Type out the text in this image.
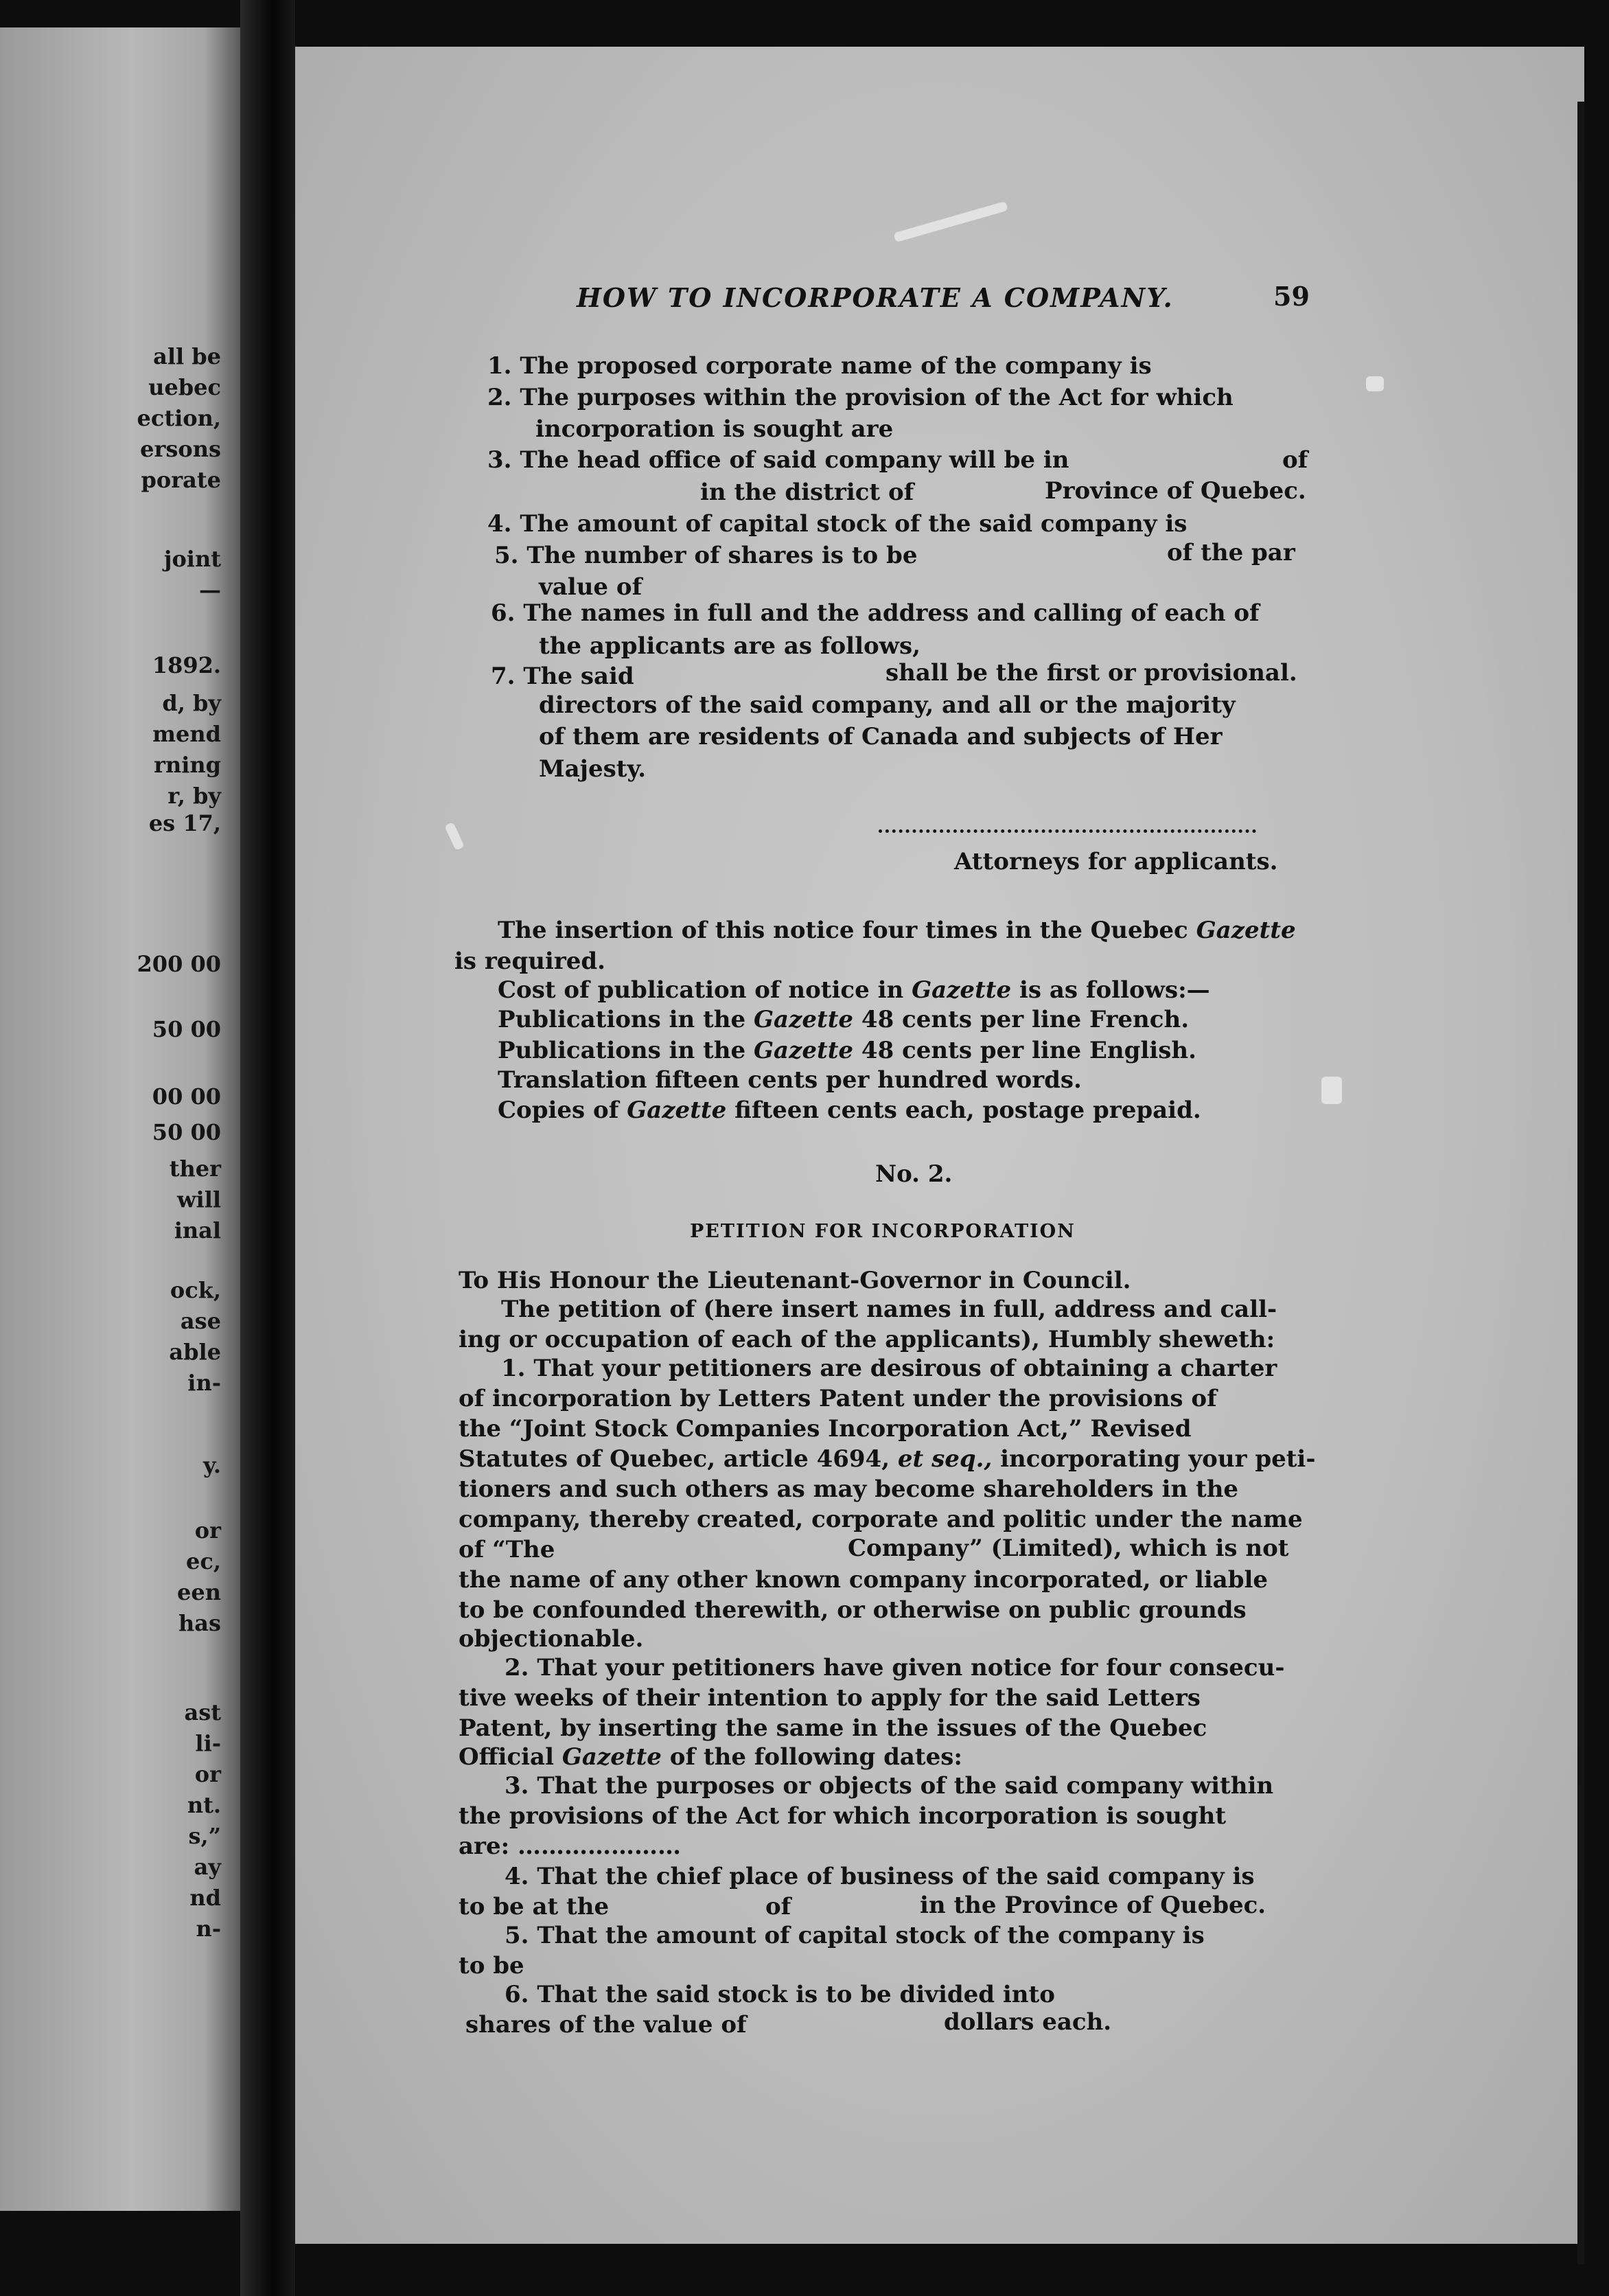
all be
uebec
ection,
ersons
porate
joint
—
1892.
d, by
mend
rning
r, by
es 17,
200 00
50 00
00 00
50 00
ther
will
inal
ock,
ase
able
in-
y.
or
ec,
een
has
ast
li-
or
nt.
s,”
ay
nd
n-
HOW TO INCORPORATE A COMPANY.	59
1. The proposed corporate name of the company is
2. The purposes within the provision of the Act for which
incorporation is sought are
3. The head office of said company will be in	of
in the district of	Province of Quebec.
4. The amount of capital stock of the said company is
5. The number of shares is to be	of the par
value of
6. The names in full and the address and calling of each of
the applicants are as follows,
7. The said	shall be the first or provisional.
directors of the said company, and all or the majority
of them are residents of Canada and subjects of Her
Majesty.
Attorneys for applicants.
The insertion of this notice four times in the Quebec Gazette
is required.
Cost of publication of notice in Gazette is as follows:—
Publications in the Gazette 48 cents per line French.
Publications in the Gazette 48 cents per line English.
Translation fifteen cents per hundred words.
Copies of Gazette fifteen cents each, postage prepaid.
No. 2.
PETITION FOR INCORPORATION
To His Honour the Lieutenant-Governor in Council.
The petition of (here insert names in full, address and call-
ing or occupation of each of the applicants), Humbly sheweth:
1. That your petitioners are desirous of obtaining a charter
of incorporation by Letters Patent under the provisions of
the “Joint Stock Companies Incorporation Act,” Revised
Statutes of Quebec, article 4694, et seq., incorporating your peti-
tioners and such others as may become shareholders in the
company, thereby created, corporate and politic under the name
of “The	Company” (Limited), which is not
the name of any other known company incorporated, or liable
to be confounded therewith, or otherwise on public grounds
objectionable.
2. That your petitioners have given notice for four consecu-
tive weeks of their intention to apply for the said Letters
Patent, by inserting the same in the issues of the Quebec
Official Gazette of the following dates:
3. That the purposes or objects of the said company within
the provisions of the Act for which incorporation is sought
are: …………………
4. That the chief place of business of the said company is
to be at the	of	in the Province of Quebec.
5. That the amount of capital stock of the company is
to be
6. That the said stock is to be divided into
shares of the value of	dollars each.
